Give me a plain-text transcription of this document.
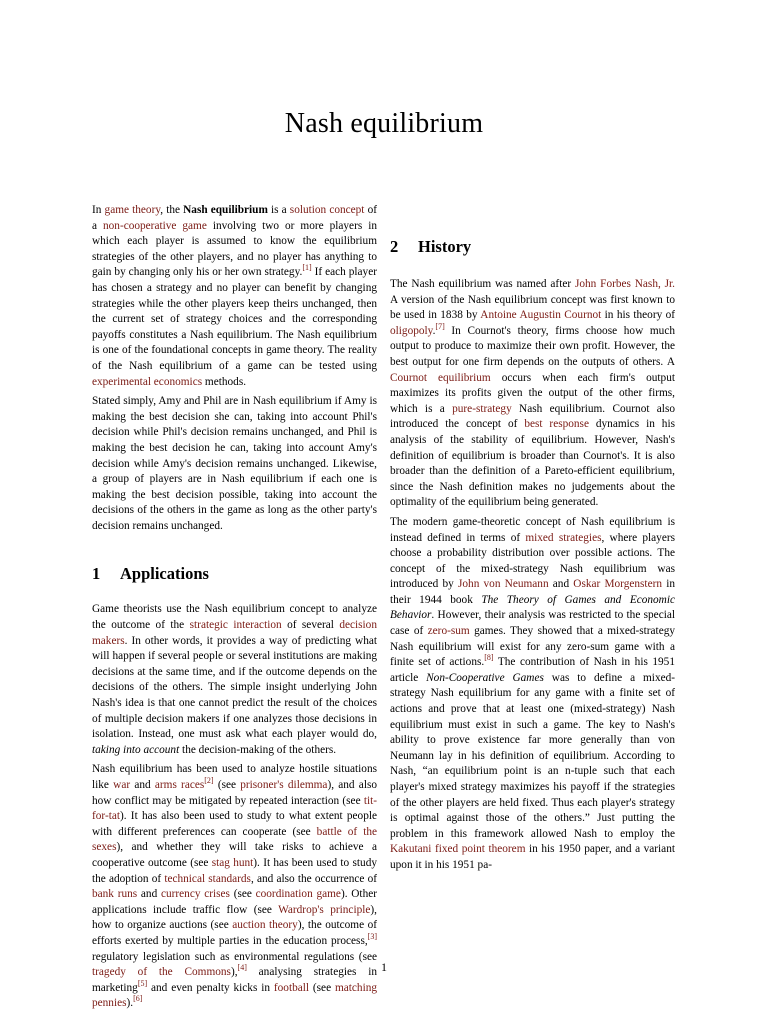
Nash equilibrium

In game theory, the Nash equilibrium is a solution concept of a non-cooperative game involving two or more players in which each player is assumed to know the equilibrium strategies of the other players, and no player has anything to gain by changing only his or her own strategy.[1] If each player has chosen a strategy and no player can benefit by changing strategies while the other players keep theirs unchanged, then the current set of strategy choices and the corresponding payoffs constitutes a Nash equilibrium. The Nash equilibrium is one of the foundational concepts in game theory. The reality of the Nash equilibrium of a game can be tested using experimental economics methods.

Stated simply, Amy and Phil are in Nash equilibrium if Amy is making the best decision she can, taking into account Phil's decision while Phil's decision remains unchanged, and Phil is making the best decision he can, taking into account Amy's decision while Amy's decision remains unchanged. Likewise, a group of players are in Nash equilibrium if each one is making the best decision possible, taking into account the decisions of the others in the game as long as the other party's decision remains unchanged.

1 Applications

Game theorists use the Nash equilibrium concept to analyze the outcome of the strategic interaction of several decision makers. In other words, it provides a way of predicting what will happen if several people or several institutions are making decisions at the same time, and if the outcome depends on the decisions of the others. The simple insight underlying John Nash's idea is that one cannot predict the result of the choices of multiple decision makers if one analyzes those decisions in isolation. Instead, one must ask what each player would do, taking into account the decision-making of the others.

Nash equilibrium has been used to analyze hostile situations like war and arms races[2] (see prisoner's dilemma), and also how conflict may be mitigated by repeated interaction (see tit-for-tat). It has also been used to study to what extent people with different preferences can cooperate (see battle of the sexes), and whether they will take risks to achieve a cooperative outcome (see stag hunt). It has been used to study the adoption of technical standards, and also the occurrence of bank runs and currency crises (see coordination game). Other applications include traffic flow (see Wardrop's principle), how to organize auctions (see auction theory), the outcome of efforts exerted by multiple parties in the education process,[3] regulatory legislation such as environmental regulations (see tragedy of the Commons),[4] analysing strategies in marketing[5] and even penalty kicks in football (see matching pennies).[6]

2 History

The Nash equilibrium was named after John Forbes Nash, Jr. A version of the Nash equilibrium concept was first known to be used in 1838 by Antoine Augustin Cournot in his theory of oligopoly.[7] In Cournot's theory, firms choose how much output to produce to maximize their own profit. However, the best output for one firm depends on the outputs of others. A Cournot equilibrium occurs when each firm's output maximizes its profits given the output of the other firms, which is a pure-strategy Nash equilibrium. Cournot also introduced the concept of best response dynamics in his analysis of the stability of equilibrium. However, Nash's definition of equilibrium is broader than Cournot's. It is also broader than the definition of a Pareto-efficient equilibrium, since the Nash definition makes no judgements about the optimality of the equilibrium being generated.

The modern game-theoretic concept of Nash equilibrium is instead defined in terms of mixed strategies, where players choose a probability distribution over possible actions. The concept of the mixed-strategy Nash equilibrium was introduced by John von Neumann and Oskar Morgenstern in their 1944 book The Theory of Games and Economic Behavior. However, their analysis was restricted to the special case of zero-sum games. They showed that a mixed-strategy Nash equilibrium will exist for any zero-sum game with a finite set of actions.[8] The contribution of Nash in his 1951 article Non-Cooperative Games was to define a mixed-strategy Nash equilibrium for any game with a finite set of actions and prove that at least one (mixed-strategy) Nash equilibrium must exist in such a game. The key to Nash's ability to prove existence far more generally than von Neumann lay in his definition of equilibrium. According to Nash, “an equilibrium point is an n-tuple such that each player's mixed strategy maximizes his payoff if the strategies of the other players are held fixed. Thus each player's strategy is optimal against those of the others.” Just putting the problem in this framework allowed Nash to employ the Kakutani fixed point theorem in his 1950 paper, and a variant upon it in his 1951 pa-

1
